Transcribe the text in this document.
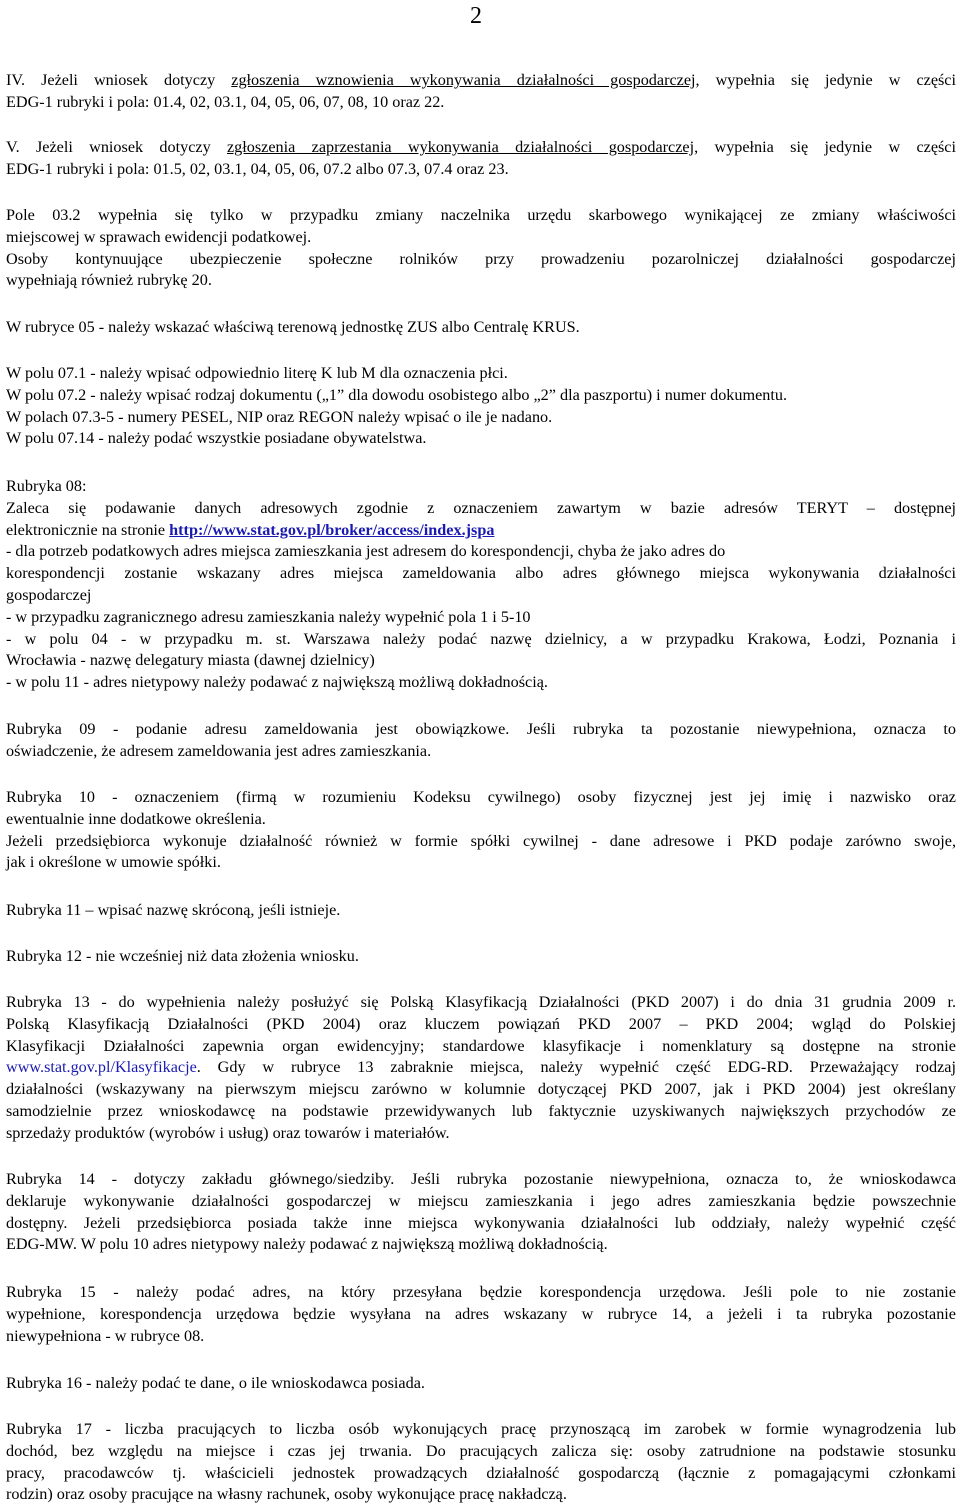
2
IV. Jeżeli wniosek dotyczy zgłoszenia wznowienia wykonywania działalności gospodarczej, wypełnia się jedynie w części
EDG-1 rubryki i pola: 01.4, 02, 03.1, 04, 05, 06, 07, 08, 10 oraz 22.
V. Jeżeli wniosek dotyczy zgłoszenia zaprzestania wykonywania działalności gospodarczej, wypełnia się jedynie w części
EDG-1 rubryki i pola: 01.5, 02, 03.1, 04, 05, 06, 07.2 albo 07.3, 07.4 oraz 23.
Pole 03.2 wypełnia się tylko w przypadku zmiany naczelnika urzędu skarbowego wynikającej ze zmiany właściwości
miejscowej w sprawach ewidencji podatkowej.
Osoby kontynuujące ubezpieczenie społeczne rolników przy prowadzeniu pozarolniczej działalności gospodarczej
wypełniają również rubrykę 20.
W rubryce 05 - należy wskazać właściwą terenową jednostkę ZUS albo Centralę KRUS.
W polu 07.1 - należy wpisać odpowiednio literę K lub M dla oznaczenia płci.
W polu 07.2 - należy wpisać rodzaj dokumentu („1” dla dowodu osobistego albo „2” dla paszportu) i numer dokumentu.
W polach 07.3-5 - numery PESEL, NIP oraz REGON należy wpisać o ile je nadano.
W polu 07.14 - należy podać wszystkie posiadane obywatelstwa.
Rubryka 08:
Zaleca się podawanie danych adresowych zgodnie z oznaczeniem zawartym w bazie adresów TERYT – dostępnej
elektronicznie na stronie http://www.stat.gov.pl/broker/access/index.jspa
- dla potrzeb podatkowych adres miejsca zamieszkania jest adresem do korespondencji, chyba że jako adres do
korespondencji zostanie wskazany adres miejsca zameldowania albo adres głównego miejsca wykonywania działalności
gospodarczej
- w przypadku zagranicznego adresu zamieszkania należy wypełnić pola 1 i 5-10
- w polu 04 - w przypadku m. st. Warszawa należy podać nazwę dzielnicy, a w przypadku Krakowa, Łodzi, Poznania i
Wrocławia - nazwę delegatury miasta (dawnej dzielnicy)
- w polu 11 - adres nietypowy należy podawać z największą możliwą dokładnością.
Rubryka 09 - podanie adresu zameldowania jest obowiązkowe. Jeśli rubryka ta pozostanie niewypełniona, oznacza to
oświadczenie, że adresem zameldowania jest adres zamieszkania.
Rubryka 10 - oznaczeniem (firmą w rozumieniu Kodeksu cywilnego) osoby fizycznej jest jej imię i nazwisko oraz
ewentualnie inne dodatkowe określenia.
Jeżeli przedsiębiorca wykonuje działalność również w formie spółki cywilnej - dane adresowe i PKD podaje zarówno swoje,
jak i określone w umowie spółki.
Rubryka 11 – wpisać nazwę skróconą, jeśli istnieje.
Rubryka 12 - nie wcześniej niż data złożenia wniosku.
Rubryka 13 - do wypełnienia należy posłużyć się Polską Klasyfikacją Działalności (PKD 2007) i do dnia 31 grudnia 2009 r.
Polską Klasyfikacją Działalności (PKD 2004) oraz kluczem powiązań PKD 2007 – PKD 2004; wgląd do Polskiej
Klasyfikacji Działalności zapewnia organ ewidencyjny; standardowe klasyfikacje i nomenklatury są dostępne na stronie
www.stat.gov.pl/Klasyfikacje. Gdy w rubryce 13 zabraknie miejsca, należy wypełnić część EDG-RD. Przeważający rodzaj
działalności (wskazywany na pierwszym miejscu zarówno w kolumnie dotyczącej PKD 2007, jak i PKD 2004) jest określany
samodzielnie przez wnioskodawcę na podstawie przewidywanych lub faktycznie uzyskiwanych największych przychodów ze
sprzedaży produktów (wyrobów i usług) oraz towarów i materiałów.
Rubryka 14 - dotyczy zakładu głównego/siedziby. Jeśli rubryka pozostanie niewypełniona, oznacza to, że wnioskodawca
deklaruje wykonywanie działalności gospodarczej w miejscu zamieszkania i jego adres zamieszkania będzie powszechnie
dostępny. Jeżeli przedsiębiorca posiada także inne miejsca wykonywania działalności lub oddziały, należy wypełnić część
EDG-MW. W polu 10 adres nietypowy należy podawać z największą możliwą dokładnością.
Rubryka 15 - należy podać adres, na który przesyłana będzie korespondencja urzędowa. Jeśli pole to nie zostanie
wypełnione, korespondencja urzędowa będzie wysyłana na adres wskazany w rubryce 14, a jeżeli i ta rubryka pozostanie
niewypełniona - w rubryce 08.
Rubryka 16 - należy podać te dane, o ile wnioskodawca posiada.
Rubryka 17 - liczba pracujących to liczba osób wykonujących pracę przynoszącą im zarobek w formie wynagrodzenia lub
dochód, bez względu na miejsce i czas jej trwania. Do pracujących zalicza się: osoby zatrudnione na podstawie stosunku
pracy, pracodawców tj. właścicieli jednostek prowadzących działalność gospodarczą (łącznie z pomagającymi członkami
rodzin) oraz osoby pracujące na własny rachunek, osoby wykonujące pracę nakładczą.
